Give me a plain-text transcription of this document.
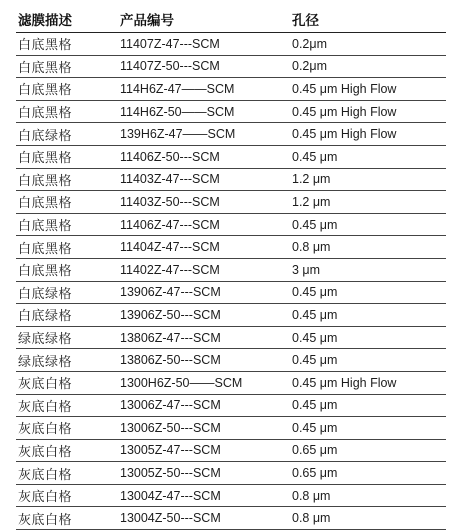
滤膜描述	产品编号	孔径
白底黑格	11407Z-47---SCM	0.2μm
白底黑格	11407Z-50---SCM	0.2μm
白底黑格	114H6Z-47——SCM	0.45 μm High Flow
白底黑格	114H6Z-50——SCM	0.45 μm High Flow
白底绿格	139H6Z-47——SCM	0.45 μm High Flow
白底黑格	11406Z-50---SCM	0.45 μm
白底黑格	11403Z-47---SCM	1.2 μm
白底黑格	11403Z-50---SCM	1.2 μm
白底黑格	11406Z-47---SCM	0.45 μm
白底黑格	11404Z-47---SCM	0.8 μm
白底黑格	11402Z-47---SCM	3 μm
白底绿格	13906Z-47---SCM	0.45 μm
白底绿格	13906Z-50---SCM	0.45 μm
绿底绿格	13806Z-47---SCM	0.45 μm
绿底绿格	13806Z-50---SCM	0.45 μm
灰底白格	1300H6Z-50——SCM	0.45 μm High Flow
灰底白格	13006Z-47---SCM	0.45 μm
灰底白格	13006Z-50---SCM	0.45 μm
灰底白格	13005Z-47---SCM	0.65 μm
灰底白格	13005Z-50---SCM	0.65 μm
灰底白格	13004Z-47---SCM	0.8 μm
灰底白格	13004Z-50---SCM	0.8 μm
